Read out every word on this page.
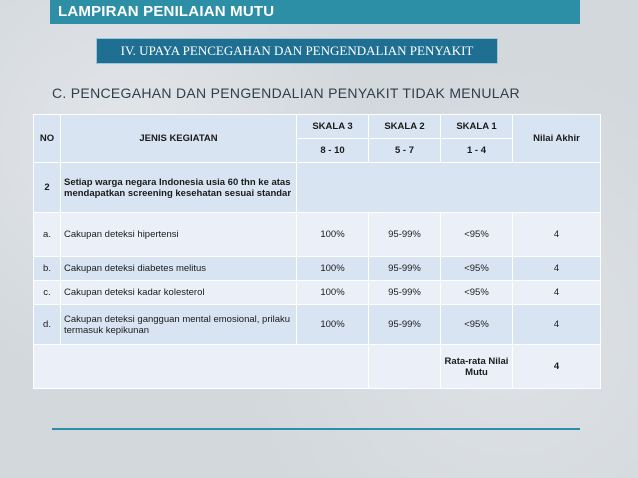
LAMPIRAN PENILAIAN MUTU
IV. UPAYA PENCEGAHAN DAN PENGENDALIAN PENYAKIT
C. PENCEGAHAN DAN PENGENDALIAN PENYAKIT TIDAK MENULAR
NO	JENIS KEGIATAN	SKALA 3	SKALA 2	SKALA 1	Nilai Akhir
		8 - 10	5 - 7	1 - 4	
2	Setiap warga negara Indonesia usia 60 thn ke atas mendapatkan screening kesehatan sesuai standar				
a.	Cakupan deteksi hipertensi	100%	95-99%	<95%	4
b.	Cakupan deteksi diabetes melitus	100%	95-99%	<95%	4
c.	Cakupan deteksi kadar kolesterol	100%	95-99%	<95%	4
d.	Cakupan deteksi gangguan mental emosional, prilaku termasuk kepikunan	100%	95-99%	<95%	4
				Rata-rata Nilai Mutu	4
